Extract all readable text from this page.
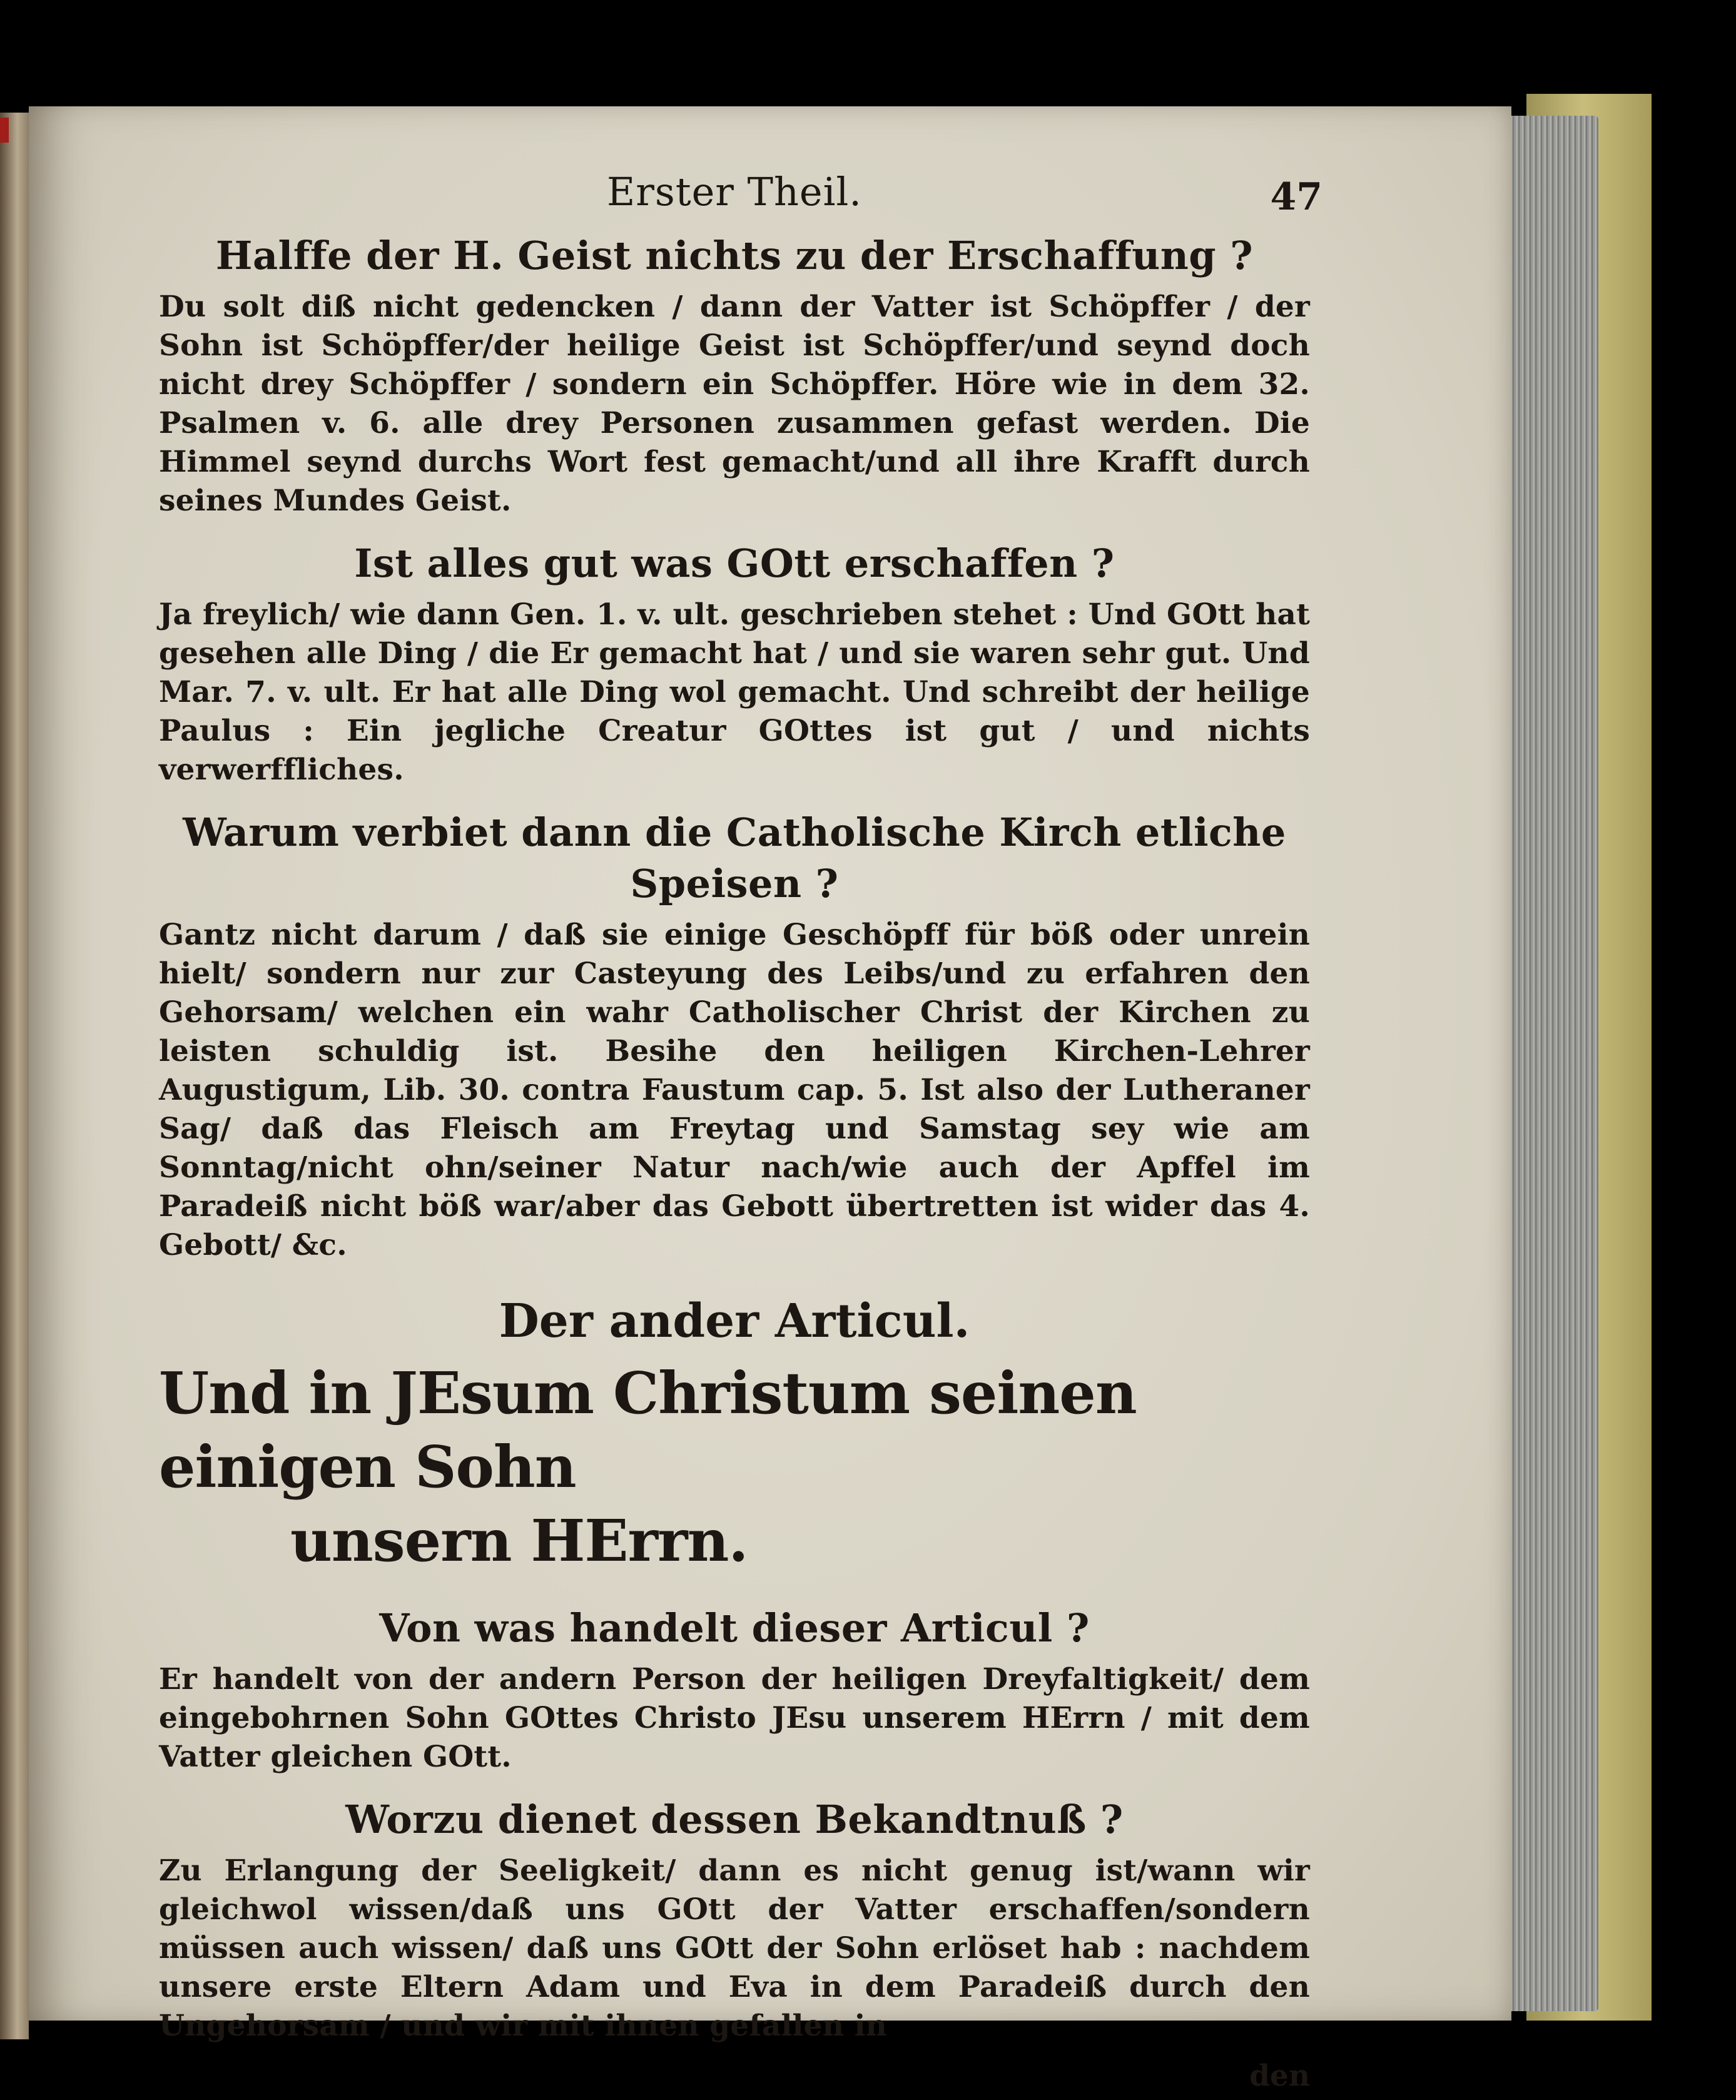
Erster Theil.	47
Halffe der H. Geist nichts zu der Erschaffung ?
Du solt diß nicht gedencken / dann der Vatter ist Schöpffer / der Sohn ist Schöpffer/der heilige Geist ist Schöpffer/und seynd doch nicht drey Schöpffer / sondern ein Schöpffer. Höre wie in dem 32. Psalmen v. 6. alle drey Personen zusammen gefast werden. Die Himmel seynd durchs Wort fest gemacht/und all ihre Krafft durch seines Mundes Geist.
Ist alles gut was GOtt erschaffen ?
Ja freylich/ wie dann Gen. 1. v. ult. geschrieben stehet : Und GOtt hat gesehen alle Ding / die Er gemacht hat / und sie waren sehr gut. Und Mar. 7. v. ult. Er hat alle Ding wol gemacht. Und schreibt der heilige Paulus : Ein jegliche Creatur GOttes ist gut / und nichts verwerffliches.
Warum verbiet dann die Catholische Kirch etliche Speisen ?
Gantz nicht darum / daß sie einige Geschöpff für böß oder unrein hielt/ sondern nur zur Casteyung des Leibs/und zu erfahren den Gehorsam/ welchen ein wahr Catholischer Christ der Kirchen zu leisten schuldig ist. Besihe den heiligen Kirchen-Lehrer Augustigum, Lib. 30. contra Faustum cap. 5. Ist also der Lutheraner Sag/ daß das Fleisch am Freytag und Samstag sey wie am Sonntag/nicht ohn/seiner Natur nach/wie auch der Apffel im Paradeiß nicht böß war/aber das Gebott übertretten ist wider das 4. Gebott/ &c.
Der ander Articul.
Und in JEsum Christum seinen einigen Sohn
unsern HErrn.
Von was handelt dieser Articul ?
Er handelt von der andern Person der heiligen Dreyfaltigkeit/ dem eingebohrnen Sohn GOttes Christo JEsu unserem HErrn / mit dem Vatter gleichen GOtt.
Worzu dienet dessen Bekandtnuß ?
Zu Erlangung der Seeligkeit/ dann es nicht genug ist/wann wir gleichwol wissen/daß uns GOtt der Vatter erschaffen/sondern müssen auch wissen/ daß uns GOtt der Sohn erlöset hab : nachdem unsere erste Eltern Adam und Eva in dem Paradeiß durch den Ungehorsam / und wir mit ihnen gefallen in
den
